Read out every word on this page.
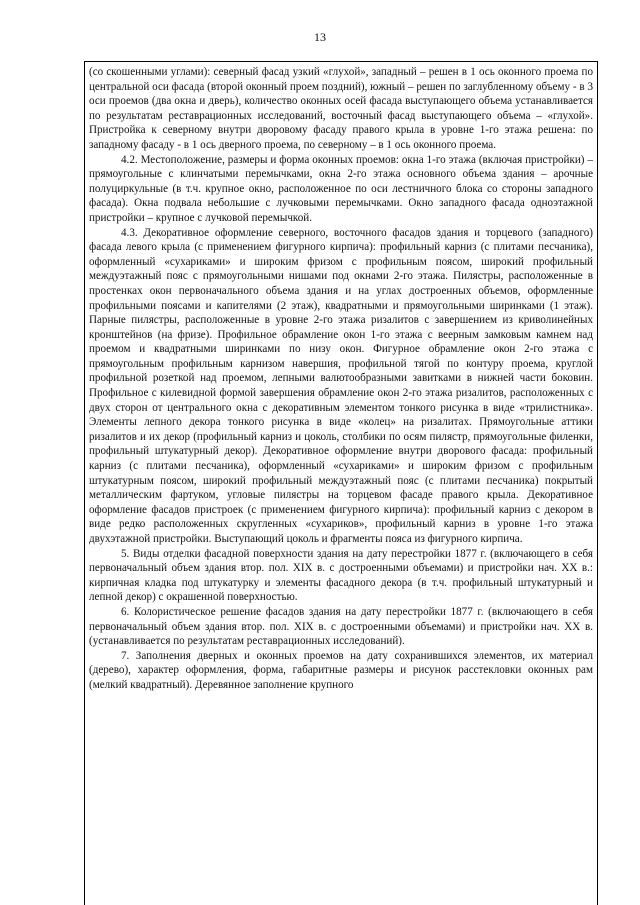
13

(со скошенными углами): северный фасад узкий «глухой», западный – решен в 1 ось оконного проема по центральной оси фасада (второй оконный проем поздний), южный – решен по заглубленному объему - в 3 оси проемов (два окна и дверь), количество оконных осей фасада выступающего объема устанавливается по результатам реставрационных исследований, восточный фасад выступающего объема – «глухой». Пристройка к северному внутри дворовому фасаду правого крыла в уровне 1-го этажа решена: по западному фасаду - в 1 ось дверного проема, по северному – в 1 ось оконного проема.

4.2. Местоположение, размеры и форма оконных проемов: окна 1-го этажа (включая пристройки) – прямоугольные с клинчатыми перемычками, окна 2-го этажа основного объема здания – арочные полуциркульные (в т.ч. крупное окно, расположенное по оси лестничного блока со стороны западного фасада). Окна подвала небольшие с лучковыми перемычками. Окно западного фасада одноэтажной пристройки – крупное с лучковой перемычкой.

4.3. Декоративное оформление северного, восточного фасадов здания и торцевого (западного) фасада левого крыла (с применением фигурного кирпича): профильный карниз (с плитами песчаника), оформленный «сухариками» и широким фризом с профильным поясом, широкий профильный междуэтажный пояс с прямоугольными нишами под окнами 2-го этажа. Пилястры, расположенные в простенках окон первоначального объема здания и на углах достроенных объемов, оформленные профильными поясами и капителями (2 этаж), квадратными и прямоугольными ширинками (1 этаж). Парные пилястры, расположенные в уровне 2-го этажа ризалитов с завершением из криволинейных кронштейнов (на фризе). Профильное обрамление окон 1-го этажа с веерным замковым камнем над проемом и квадратными ширинками по низу окон. Фигурное обрамление окон 2-го этажа с прямоугольным профильным карнизом навершия, профильной тягой по контуру проема, круглой профильной розеткой над проемом, лепными валютообразными завитками в нижней части боковин. Профильное с килевидной формой завершения обрамление окон 2-го этажа ризалитов, расположенных с двух сторон от центрального окна с декоративным элементом тонкого рисунка в виде «трилистника». Элементы лепного декора тонкого рисунка в виде «колец» на ризалитах. Прямоугольные аттики ризалитов и их декор (профильный карниз и цоколь, столбики по осям пилястр, прямоугольные филенки, профильный штукатурный декор). Декоративное оформление внутри дворового фасада: профильный карниз (с плитами песчаника), оформленный «сухариками» и широким фризом с профильным штукатурным поясом, широкий профильный междуэтажный пояс (с плитами песчаника) покрытый металлическим фартуком, угловые пилястры на торцевом фасаде правого крыла. Декоративное оформление фасадов пристроек (с применением фигурного кирпича): профильный карниз с декором в виде редко расположенных скругленных «сухариков», профильный карниз в уровне 1-го этажа двухэтажной пристройки. Выступающий цоколь и фрагменты пояса из фигурного кирпича.

5. Виды отделки фасадной поверхности здания на дату перестройки 1877 г. (включающего в себя первоначальный объем здания втор. пол. XIX в. с достроенными объемами) и пристройки нач. XX в.: кирпичная кладка под штукатурку и элементы фасадного декора (в т.ч. профильный штукатурный и лепной декор) с окрашенной поверхностью.

6. Колористическое решение фасадов здания на дату перестройки 1877 г. (включающего в себя первоначальный объем здания втор. пол. XIX в. с достроенными объемами) и пристройки нач. XX в. (устанавливается по результатам реставрационных исследований).

7. Заполнения дверных и оконных проемов на дату сохранившихся элементов, их материал (дерево), характер оформления, форма, габаритные размеры и рисунок расстекловки оконных рам (мелкий квадратный). Деревянное заполнение крупного
